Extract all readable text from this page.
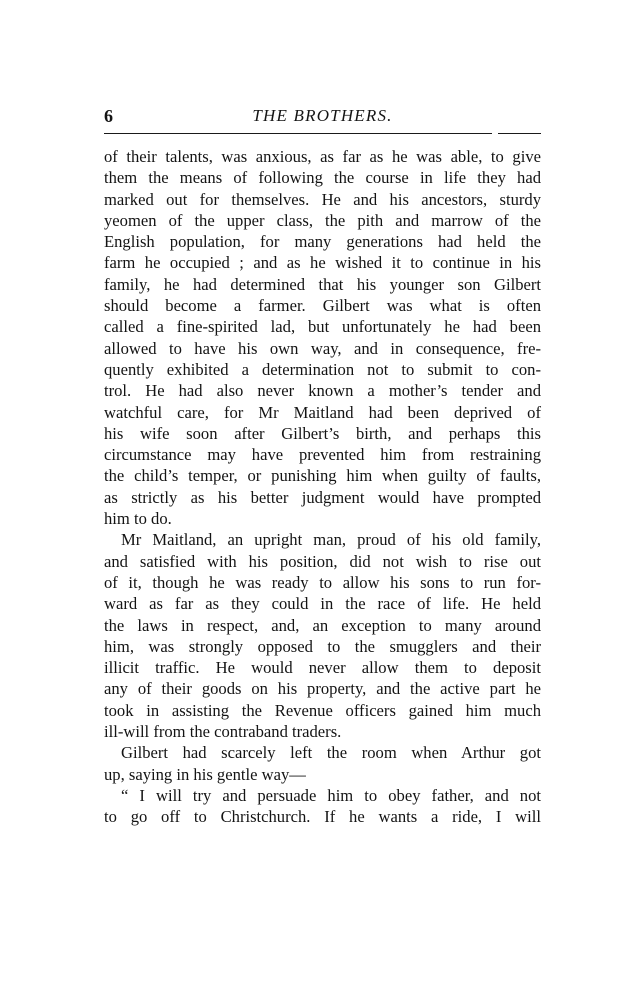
6	THE BROTHERS.
of their talents, was anxious, as far as he was able, to give
them the means of following the course in life they had
marked out for themselves. He and his ancestors, sturdy
yeomen of the upper class, the pith and marrow of the
English population, for many generations had held the
farm he occupied ; and as he wished it to continue in his
family, he had determined that his younger son Gilbert
should become a farmer. Gilbert was what is often
called a fine-spirited lad, but unfortunately he had been
allowed to have his own way, and in consequence, fre-
quently exhibited a determination not to submit to con-
trol. He had also never known a mother’s tender and
watchful care, for Mr Maitland had been deprived of
his wife soon after Gilbert’s birth, and perhaps this
circumstance may have prevented him from restraining
the child’s temper, or punishing him when guilty of faults,
as strictly as his better judgment would have prompted
him to do.
Mr Maitland, an upright man, proud of his old family,
and satisfied with his position, did not wish to rise out
of it, though he was ready to allow his sons to run for-
ward as far as they could in the race of life. He held
the laws in respect, and, an exception to many around
him, was strongly opposed to the smugglers and their
illicit traffic. He would never allow them to deposit
any of their goods on his property, and the active part he
took in assisting the Revenue officers gained him much
ill-will from the contraband traders.
Gilbert had scarcely left the room when Arthur got
up, saying in his gentle way—
“ I will try and persuade him to obey father, and not
to go off to Christchurch. If he wants a ride, I will
